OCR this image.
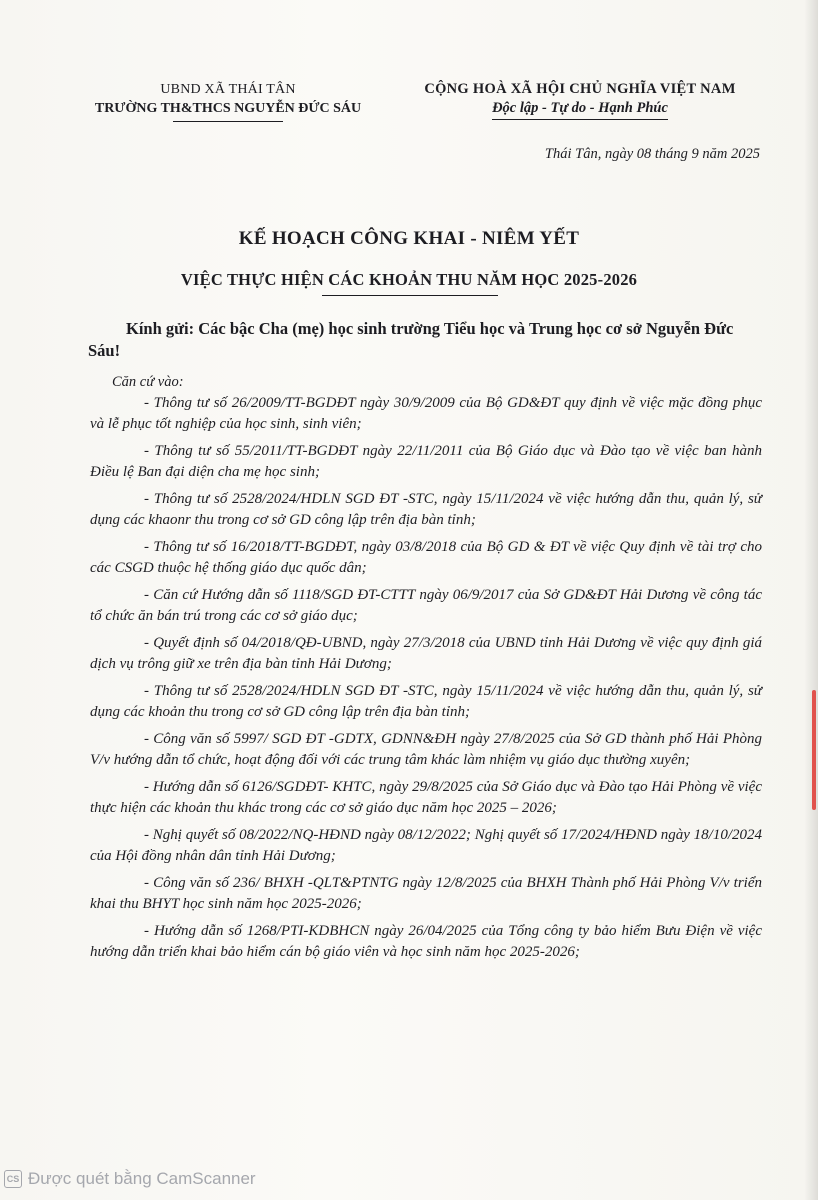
UBND XÃ THÁI TÂN
TRƯỜNG TH&THCS NGUYỄN ĐỨC SÁU
CỘNG HOÀ XÃ HỘI CHỦ NGHĨA VIỆT NAM
Độc lập - Tự do - Hạnh Phúc
Thái Tân, ngày 08 tháng 9 năm 2025
KẾ HOẠCH CÔNG KHAI - NIÊM YẾT
VIỆC THỰC HIỆN CÁC KHOẢN THU NĂM HỌC 2025-2026
Kính gửi: Các bậc Cha (mẹ) học sinh trường Tiểu học và Trung học cơ sở Nguyễn Đức Sáu!
Căn cứ vào:

- Thông tư số 26/2009/TT-BGDĐT ngày 30/9/2009 của Bộ GD&ĐT quy định về việc mặc đồng phục và lễ phục tốt nghiệp của học sinh, sinh viên;

- Thông tư số 55/2011/TT-BGDĐT ngày 22/11/2011 của Bộ Giáo dục và Đào tạo về việc ban hành Điều lệ Ban đại diện cha mẹ học sinh;

- Thông tư số 2528/2024/HDLN SGD ĐT -STC, ngày 15/11/2024 về việc hướng dẫn thu, quản lý, sử dụng các khaonr thu trong cơ sở GD công lập trên địa bàn tỉnh;

- Thông tư số 16/2018/TT-BGDĐT, ngày 03/8/2018 của Bộ GD & ĐT về việc Quy định về tài trợ cho các CSGD thuộc hệ thống giáo dục quốc dân;

- Căn cứ Hướng dẫn số 1118/SGD ĐT-CTTT ngày 06/9/2017 của Sở GD&ĐT Hải Dương về công tác tổ chức ăn bán trú trong các cơ sở giáo dục;

- Quyết định số 04/2018/QĐ-UBND, ngày 27/3/2018 của UBND tỉnh Hải Dương về việc quy định giá dịch vụ trông giữ xe trên địa bàn tỉnh Hải Dương;

- Thông tư số 2528/2024/HDLN SGD ĐT -STC, ngày 15/11/2024 về việc hướng dẫn thu, quản lý, sử dụng các khoản thu trong cơ sở GD công lập trên địa bàn tỉnh;

- Công văn số 5997/ SGD ĐT -GDTX, GDNN&ĐH ngày 27/8/2025 của Sở GD thành phố Hải Phòng V/v hướng dẫn tổ chức, hoạt động đối với các trung tâm khác làm nhiệm vụ giáo dục thường xuyên;

- Hướng dẫn số 6126/SGDĐT- KHTC, ngày 29/8/2025 của Sở Giáo dục và Đào tạo Hải Phòng về việc thực hiện các khoản thu khác trong các cơ sở giáo dục năm học 2025 – 2026;

- Nghị quyết số 08/2022/NQ-HĐND ngày 08/12/2022; Nghị quyết số 17/2024/HĐND ngày 18/10/2024 của Hội đồng nhân dân tỉnh Hải Dương;

- Công văn số 236/ BHXH -QLT&PTNTG ngày 12/8/2025 của BHXH Thành phố Hải Phòng V/v triển khai thu BHYT học sinh năm học 2025-2026;

- Hướng dẫn số 1268/PTI-KDBHCN ngày 26/04/2025 của Tổng công ty bảo hiểm Bưu Điện về việc hướng dẫn triển khai bảo hiểm cán bộ giáo viên và học sinh năm học 2025-2026;

CS Được quét bằng CamScanner
